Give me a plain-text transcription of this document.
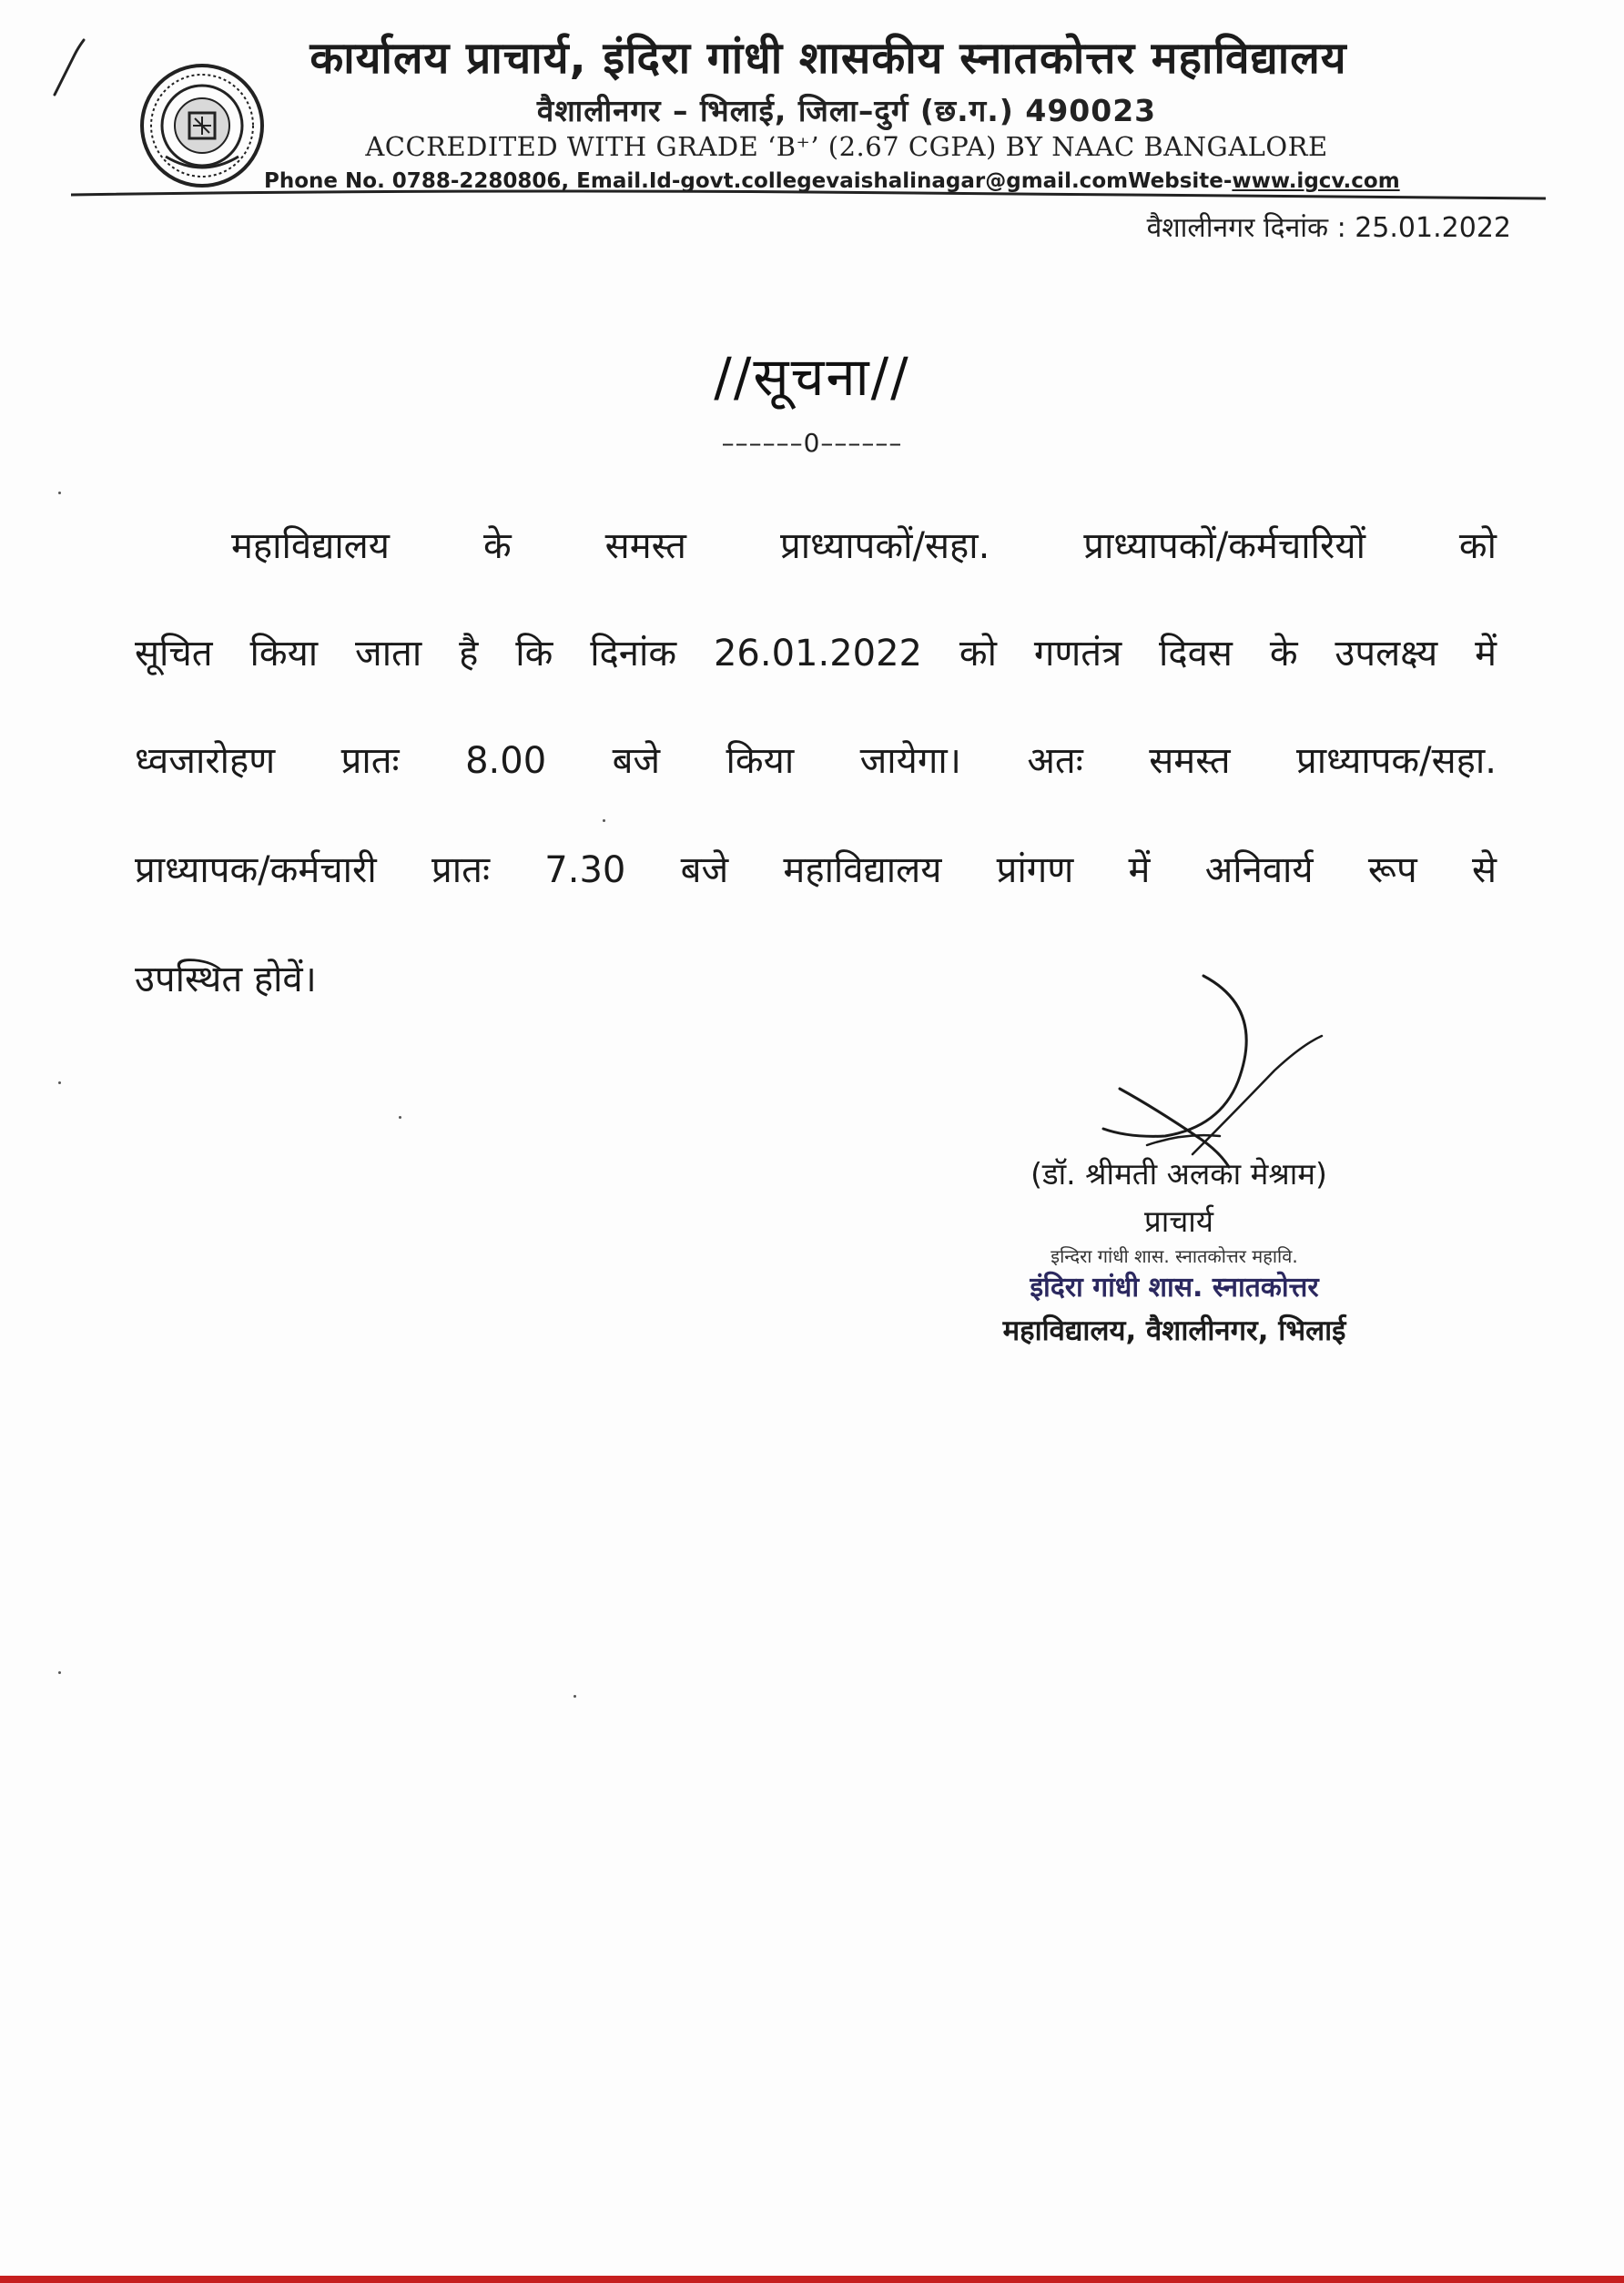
कार्यालय प्राचार्य, इंदिरा गांधी शासकीय स्नातकोत्तर महाविद्यालय
वैशालीनगर – भिलाई, जिला–दुर्ग (छ.ग.) 490023
ACCREDITED WITH GRADE ‘B⁺’ (2.67 CGPA) BY NAAC BANGALORE
Phone No. 0788-2280806, Email.Id-govt.collegevaishalinagar@gmail.comWebsite-www.igcv.com
वैशालीनगर दिनांक : 25.01.2022
//सूचना//
––––––0––––––
महाविद्यालय के समस्त प्राध्यापकों/सहा. प्राध्यापकों/कर्मचारियों को
सूचित किया जाता है कि दिनांक 26.01.2022 को गणतंत्र दिवस के उपलक्ष्य में
ध्वजारोहण प्रातः 8.00 बजे किया जायेगा। अतः समस्त प्राध्यापक/सहा.
प्राध्यापक/कर्मचारी प्रातः 7.30 बजे महाविद्यालय प्रांगण में अनिवार्य रूप से
उपस्थित होवें।
(डॉ. श्रीमती अलका मेश्राम)
प्राचार्य
इन्दिरा गांधी शास. स्नातकोत्तर महावि.
इंदिरा गांधी शास. स्नातकोत्तर
महाविद्यालय, वैशालीनगर, भिलाई
